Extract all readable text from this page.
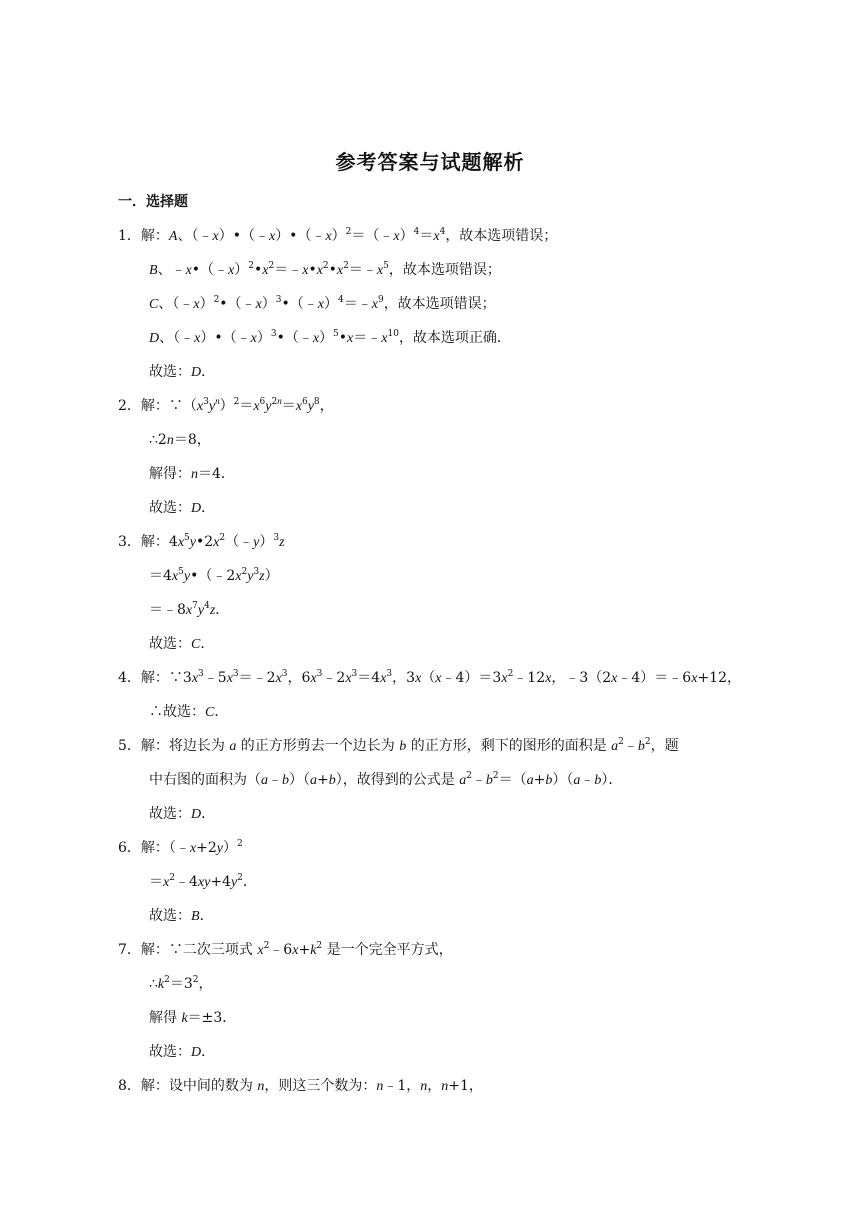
参考答案与试题解析
一．选择题
1．解：A、$(﹣x)•(﹣x)•(﹣x)^2=(﹣x)^4=x^4$，故本选项错误；
B、$﹣x•(﹣x)^2•x^2=﹣x•x^2•x^2=﹣x^5$，故本选项错误；
C、$(﹣x)^2•(﹣x)^3•(﹣x)^4=﹣x^9$，故本选项错误；
D、$(﹣x)•(﹣x)^3•(﹣x)^5•x=﹣x^{10}$，故本选项正确．
故选：D．
2．解：$\because(x^3y^n)^2=x^6y^{2n}=x^6y^8$，
∴2n＝8，
解得：n＝4．
故选：D．
3．解：$4x^5y•2x^2(﹣y)^3z$
$=4x^5y•(﹣2x^2y^3z)$
$=﹣8x^7y^4z$．
故选：C．
4．解：$\because 3x^3﹣5x^3=﹣2x^3$，$6x^3﹣2x^3=4x^3$，$3x(x﹣4)=3x^2﹣12x$，﹣3（2x﹣4）＝﹣6x+12，
∴故选：C．
5．解：将边长为 a 的正方形剪去一个边长为 b 的正方形，剩下的图形的面积是 $a^2﹣b^2$，题
中右图的面积为（a﹣b）（a+b），故得到的公式是 $a^2﹣b^2=(a+b)(a﹣b)$．
故选：D．
6．解：（﹣x+2y）$^2$
$=x^2﹣4xy+4y^2$．
故选：B．
7．解：∵二次三项式 $x^2﹣6x+k^2$ 是一个完全平方式，
$\therefore k^2=3^2$，
解得 k＝±3．
故选：D．
8．解：设中间的数为 n，则这三个数为：n﹣1，n，n+1，
